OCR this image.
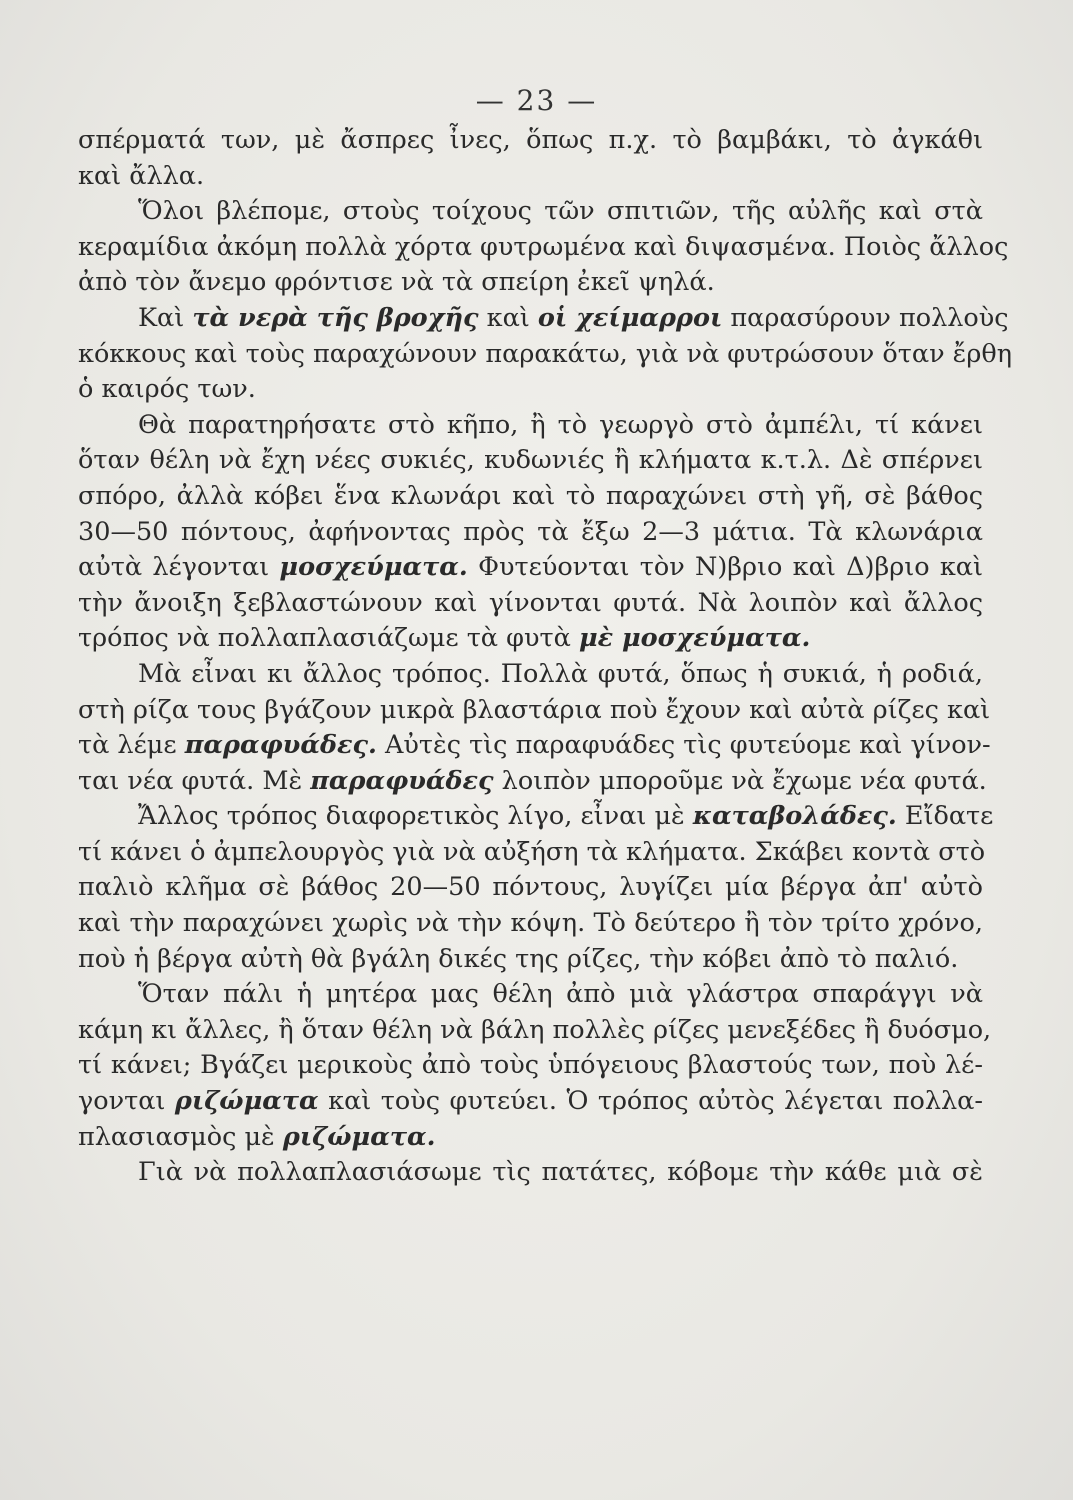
— 23 —
σπέρματά των, μὲ ἄσπρες ἶνες, ὅπως π.χ. τὸ βαμβάκι, τὸ ἀγκάθι
καὶ ἄλλα.
Ὅλοι βλέπομε, στοὺς τοίχους τῶν σπιτιῶν, τῆς αὐλῆς καὶ στὰ
κεραμίδια ἀκόμη πολλὰ χόρτα φυτρωμένα καὶ διψασμένα. Ποιὸς ἄλλος
ἀπὸ τὸν ἄνεμο φρόντισε νὰ τὰ σπείρη ἐκεῖ ψηλά.
Καὶ τὰ νερὰ τῆς βροχῆς καὶ οἱ χείμαρροι παρασύρουν πολλοὺς
κόκκους καὶ τοὺς παραχώνουν παρακάτω, γιὰ νὰ φυτρώσουν ὅταν ἔρθη
ὁ καιρός των.
Θὰ παρατηρήσατε στὸ κῆπο, ἢ τὸ γεωργὸ στὸ ἀμπέλι, τί κάνει
ὅταν θέλη νὰ ἔχη νέες συκιές, κυδωνιές ἢ κλήματα κ.τ.λ. Δὲ σπέρνει
σπόρο, ἀλλὰ κόβει ἕνα κλωνάρι καὶ τὸ παραχώνει στὴ γῆ, σὲ βάθος
30—50 πόντους, ἀφήνοντας πρὸς τὰ ἔξω 2—3 μάτια. Τὰ κλωνάρια
αὐτὰ λέγονται μοσχεύματα. Φυτεύονται τὸν Ν)βριο καὶ Δ)βριο καὶ
τὴν ἄνοιξη ξεβλαστώνουν καὶ γίνονται φυτά. Νὰ λοιπὸν καὶ ἄλλος
τρόπος νὰ πολλαπλασιάζωμε τὰ φυτὰ μὲ μοσχεύματα.
Μὰ εἶναι κι ἄλλος τρόπος. Πολλὰ φυτά, ὅπως ἡ συκιά, ἡ ροδιά,
στὴ ρίζα τους βγάζουν μικρὰ βλαστάρια ποὺ ἔχουν καὶ αὐτὰ ρίζες καὶ
τὰ λέμε παραφυάδες. Αὐτὲς τὶς παραφυάδες τὶς φυτεύομε καὶ γίνον-
ται νέα φυτά. Μὲ παραφυάδες λοιπὸν μποροῦμε νὰ ἔχωμε νέα φυτά.
Ἄλλος τρόπος διαφορετικὸς λίγο, εἶναι μὲ καταβολάδες. Εἴδατε
τί κάνει ὁ ἀμπελουργὸς γιὰ νὰ αὐξήση τὰ κλήματα. Σκάβει κοντὰ στὸ
παλιὸ κλῆμα σὲ βάθος 20—50 πόντους, λυγίζει μία βέργα ἀπ' αὐτὸ
καὶ τὴν παραχώνει χωρὶς νὰ τὴν κόψη. Τὸ δεύτερο ἢ τὸν τρίτο χρόνο,
ποὺ ἡ βέργα αὐτὴ θὰ βγάλη δικές της ρίζες, τὴν κόβει ἀπὸ τὸ παλιό.
Ὅταν πάλι ἡ μητέρα μας θέλη ἀπὸ μιὰ γλάστρα σπαράγγι νὰ
κάμη κι ἄλλες, ἢ ὅταν θέλη νὰ βάλη πολλὲς ρίζες μενεξέδες ἢ δυόσμο,
τί κάνει; Βγάζει μερικοὺς ἀπὸ τοὺς ὑπόγειους βλαστούς των, ποὺ λέ-
γονται ριζώματα καὶ τοὺς φυτεύει. Ὁ τρόπος αὐτὸς λέγεται πολλα-
πλασιασμὸς μὲ ριζώματα.
Γιὰ νὰ πολλαπλασιάσωμε τὶς πατάτες, κόβομε τὴν κάθε μιὰ σὲ
